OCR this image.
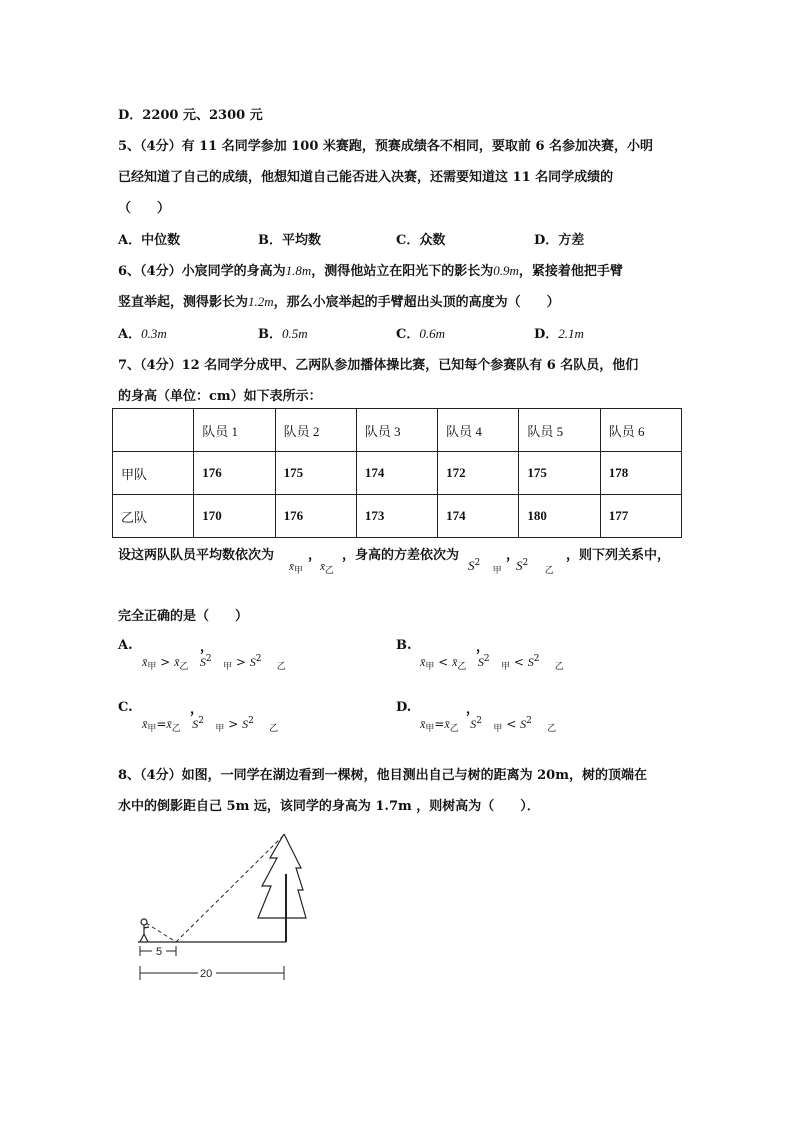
D．2200 元、2300 元
5、（4分）有 11 名同学参加 100 米赛跑，预赛成绩各不相同，要取前 6 名参加决赛，小明
已经知道了自己的成绩，他想知道自己能否进入决赛，还需要知道这 11 名同学成绩的
（　　）
A．中位数	B．平均数	C．众数	D．方差
6、（4分）小宸同学的身高为1.8m，测得他站立在阳光下的影长为0.9m，紧接着他把手臂
竖直举起，测得影长为1.2m，那么小宸举起的手臂超出头顶的高度为（　　）
A．0.3m	B．0.5m	C．0.6m	D．2.1m
7、（4分）12 名同学分成甲、乙两队参加播体操比赛，已知每个参赛队有 6 名队员，他们
的身高（单位：cm）如下表所示：
	队员 1	队员 2	队员 3	队员 4	队员 5	队员 6
甲队	176	175	174	172	175	178
乙队	170	176	173	174	180	177
设这两队队员平均数依次为
$x̄_甲$
，
$x̄_乙$
，身高的方差依次为
$S^2$   $_甲$
，
$S^2$    $_乙$
，则下列关系中，
完全正确的是（　　）
A.	，
$x̄_甲$ > $x̄_乙$ $S^2$   $_甲 > S^2$    $_乙$
B.	，
$x̄_甲$ < $x̄_乙$ $S^2$   $_甲 < S^2$    $_乙$
C.	，
$x̄_甲=x̄_乙$ $S^2$   $_甲 > S^2$    $_乙$
D.	，
$x̄_甲=x̄_乙$ $S^2$   $_甲 < S^2$    $_乙$
8、（4分）如图，一同学在湖边看到一棵树，他目测出自己与树的距离为 20m，树的顶端在
水中的倒影距自己 5m 远，该同学的身高为 1.7m ，则树高为（　　）．
5
20
